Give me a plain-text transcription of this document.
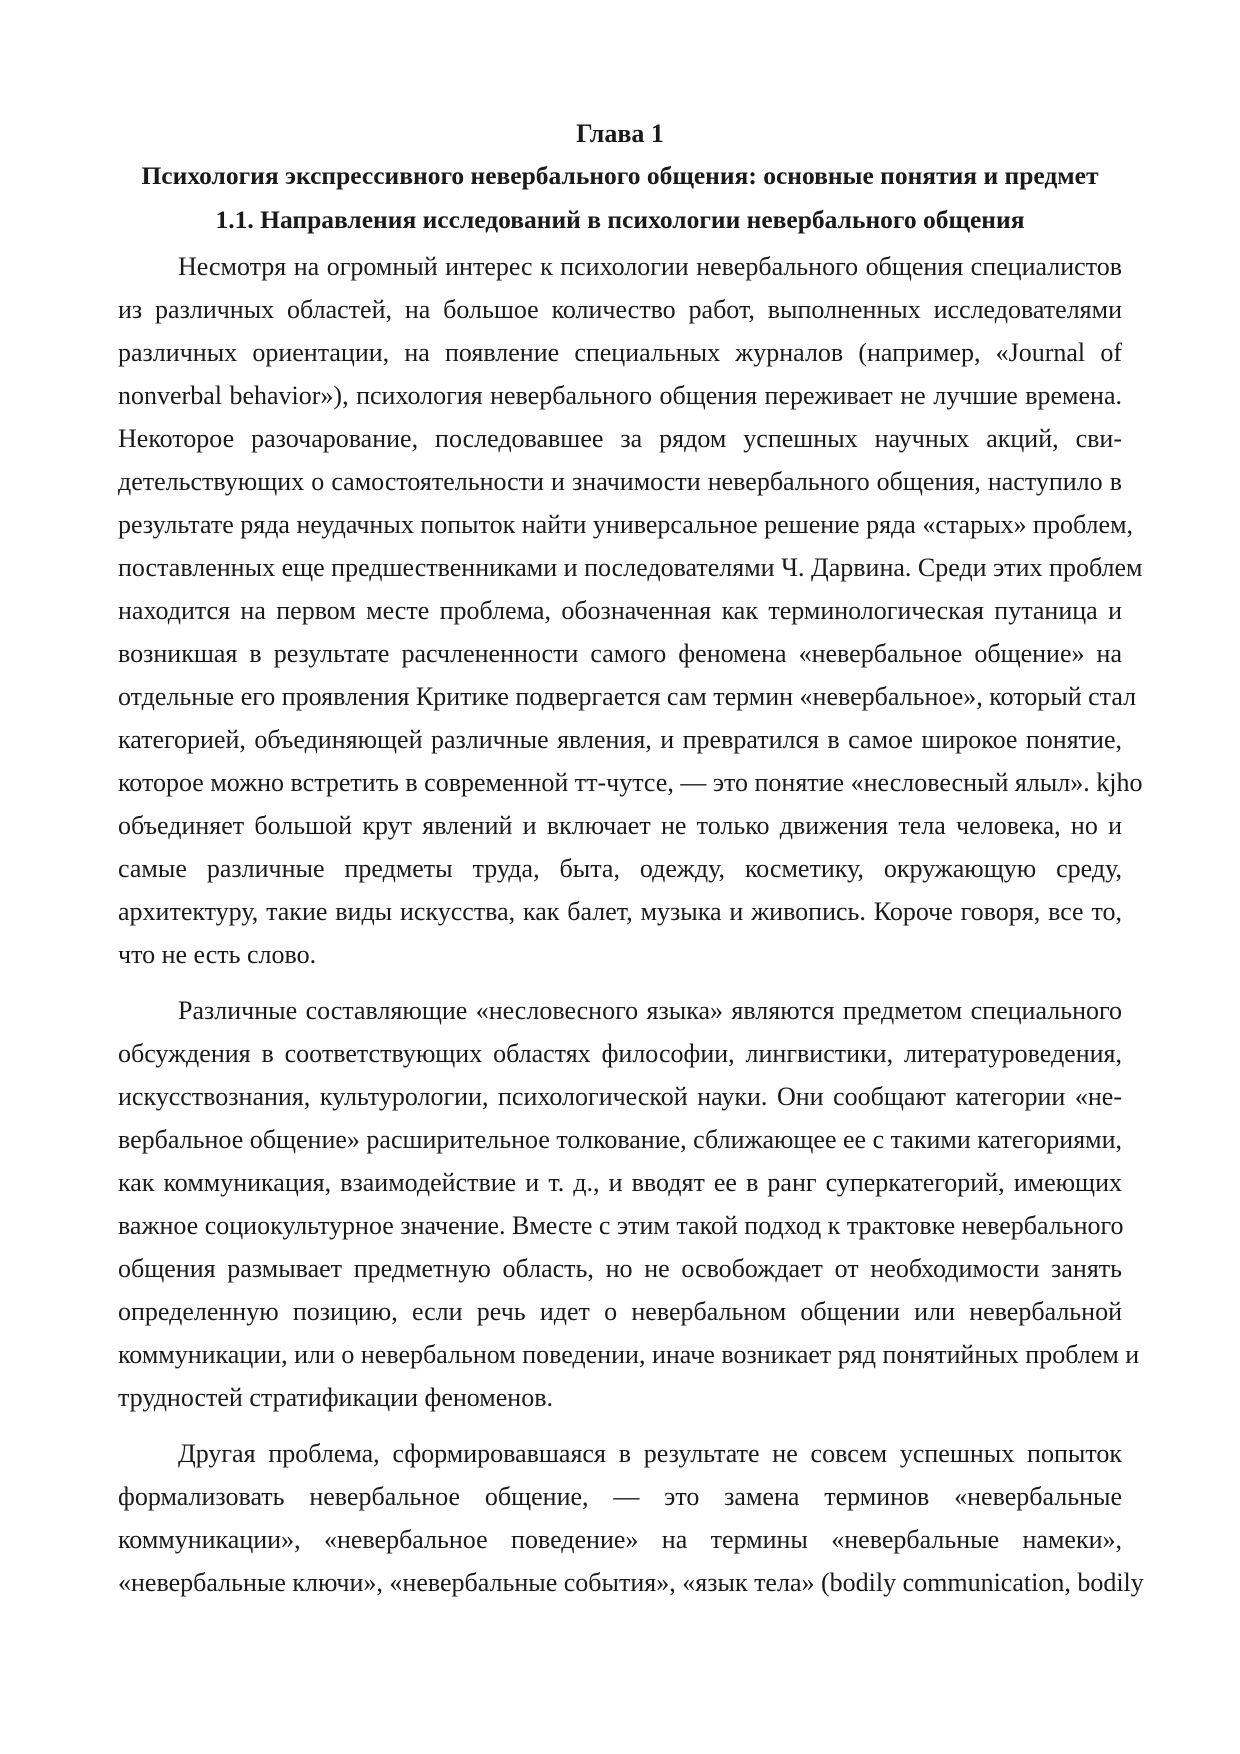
Глава 1
Психология экспрессивного невербального общения: основные понятия и предмет
1.1. Направления исследований в психологии невербального общения
Несмотря на огромный интерес к психологии невербального общения специалистов
из различных областей, на большое количество работ, выполненных исследователями
различных ориентации, на появление специальных журналов (например, «Journal of
nonverbal behavior»), психология невербального общения переживает не лучшие времена.
Некоторое разочарование, последовавшее за рядом успешных научных акций, сви-
детельствующих о самостоятельности и значимости невербального общения, наступило в
результате ряда неудачных попыток найти универсальное решение ряда «старых» проблем,
поставленных еще предшественниками и последователями Ч. Дарвина. Среди этих проблем
находится на первом месте проблема, обозначенная как терминологическая путаница и
возникшая в результате расчлененности самого феномена «невербальное общение» на
отдельные его проявления Критике подвергается сам термин «невербальное», который стал
категорией, объединяющей различные явления, и превратился в самое широкое понятие,
которое можно встретить в современной тт-чутсе, — это понятие «несловесный ялыл». kjho
объединяет большой крут явлений и включает не только движения тела человека, но и
самые различные предметы труда, быта, одежду, косметику, окружающую среду,
архитектуру, такие виды искусства, как балет, музыка и живопись. Короче говоря, все то,
что не есть слово.
Различные составляющие «несловесного языка» являются предметом специального
обсуждения в соответствующих областях философии, лингвистики, литературоведения,
искусствознания, культурологии, психологической науки. Они сообщают категории «не-
вербальное общение» расширительное толкование, сближающее ее с такими категориями,
как коммуникация, взаимодействие и т. д., и вводят ее в ранг суперкатегорий, имеющих
важное социокультурное значение. Вместе с этим такой подход к трактовке невербального
общения размывает предметную область, но не освобождает от необходимости занять
определенную позицию, если речь идет о невербальном общении или невербальной
коммуникации, или о невербальном поведении, иначе возникает ряд понятийных проблем и
трудностей стратификации феноменов.
Другая проблема, сформировавшаяся в результате не совсем успешных попыток
формализовать невербальное общение, — это замена терминов «невербальные
коммуникации», «невербальное поведение» на термины «невербальные намеки»,
«невербальные ключи», «невербальные события», «язык тела» (bodily communication, bodily
